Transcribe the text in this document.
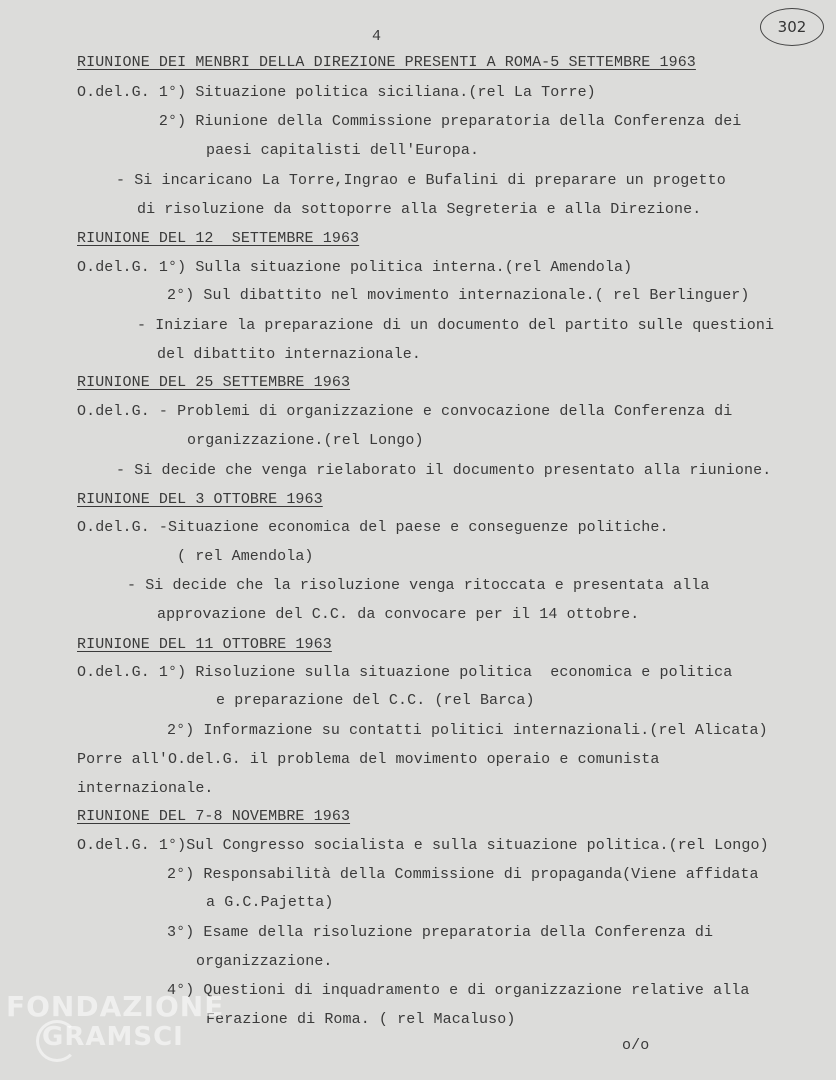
4
302
RIUNIONE DEI MENBRI DELLA DIREZIONE PRESENTI A ROMA-5 SETTEMBRE 1963
O.del.G. 1°) Situazione politica siciliana.(rel La Torre)
2°) Riunione della Commissione preparatoria della Conferenza dei
paesi capitalisti dell'Europa.
- Si incaricano La Torre,Ingrao e Bufalini di preparare un progetto
di risoluzione da sottoporre alla Segreteria e alla Direzione.
RIUNIONE DEL 12  SETTEMBRE 1963
O.del.G. 1°) Sulla situazione politica interna.(rel Amendola)
2°) Sul dibattito nel movimento internazionale.( rel Berlinguer)
- Iniziare la preparazione di un documento del partito sulle questioni
del dibattito internazionale.
RIUNIONE DEL 25 SETTEMBRE 1963
O.del.G. - Problemi di organizzazione e convocazione della Conferenza di
organizzazione.(rel Longo)
- Si decide che venga rielaborato il documento presentato alla riunione.
RIUNIONE DEL 3 OTTOBRE 1963
O.del.G. -Situazione economica del paese e conseguenze politiche.
( rel Amendola)
- Si decide che la risoluzione venga ritoccata e presentata alla
approvazione del C.C. da convocare per il 14 ottobre.
RIUNIONE DEL 11 OTTOBRE 1963
O.del.G. 1°) Risoluzione sulla situazione politica  economica e politica
e preparazione del C.C. (rel Barca)
2°) Informazione su contatti politici internazionali.(rel Alicata)
Porre all'O.del.G. il problema del movimento operaio e comunista
internazionale.
RIUNIONE DEL 7-8 NOVEMBRE 1963
O.del.G. 1°)Sul Congresso socialista e sulla situazione politica.(rel Longo)
2°) Responsabilità della Commissione di propaganda(Viene affidata
a G.C.Pajetta)
3°) Esame della risoluzione preparatoria della Conferenza di
organizzazione.
4°) Questioni di inquadramento e di organizzazione relative alla
Ferazione di Roma. ( rel Macaluso)
o/o
FONDAZIONE
GRAMSCI
